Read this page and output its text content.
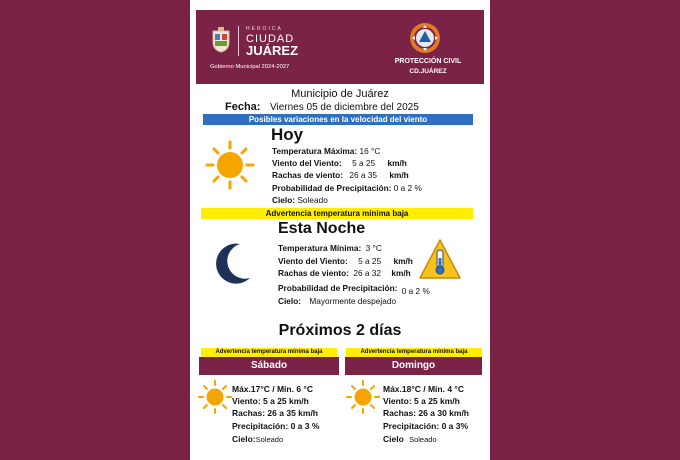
HEROICA
CIUDAD
JUÁREZ
Gobierno Municipal 2024-2027
PROTECCIÓN CIVIL
CD.JUÁREZ
Municipio de Juárez
Fecha: Viernes 05 de diciembre del 2025
Posibles variaciones en la velocidad del viento
Hoy
Temperatura Máxima: 16 °C
Viento del Viento: 5 a 25 km/h
Rachas de viento: 26 a 35 km/h
Probabilidad de Precipitación: 0 a 2 %
Cielo: Soleado
Advertencia temperatura mínima baja
Esta Noche
Temperatura Mínima: 3 °C
Viento del Viento: 5 a 25 km/h
Rachas de viento: 26 a 32 km/h
Probabilidad de Precipitación: 0 a 2 %
Cielo: Mayormente despejado
Próximos 2 días
Advertencia temperatura mínima baja
Sábado
Máx.17°C / Mín. 6 °C
Viento: 5 a 25 km/h
Rachas: 26 a 35 km/h
Precipitación: 0 a 3 %
Cielo:Soleado
Advertencia temperatura mínima baja
Domingo
Máx.18°C / Mín. 4 °C
Viento: 5 a 25 km/h
Rachas: 26 a 30 km/h
Precipitación: 0 a 3%
Cielo Soleado
